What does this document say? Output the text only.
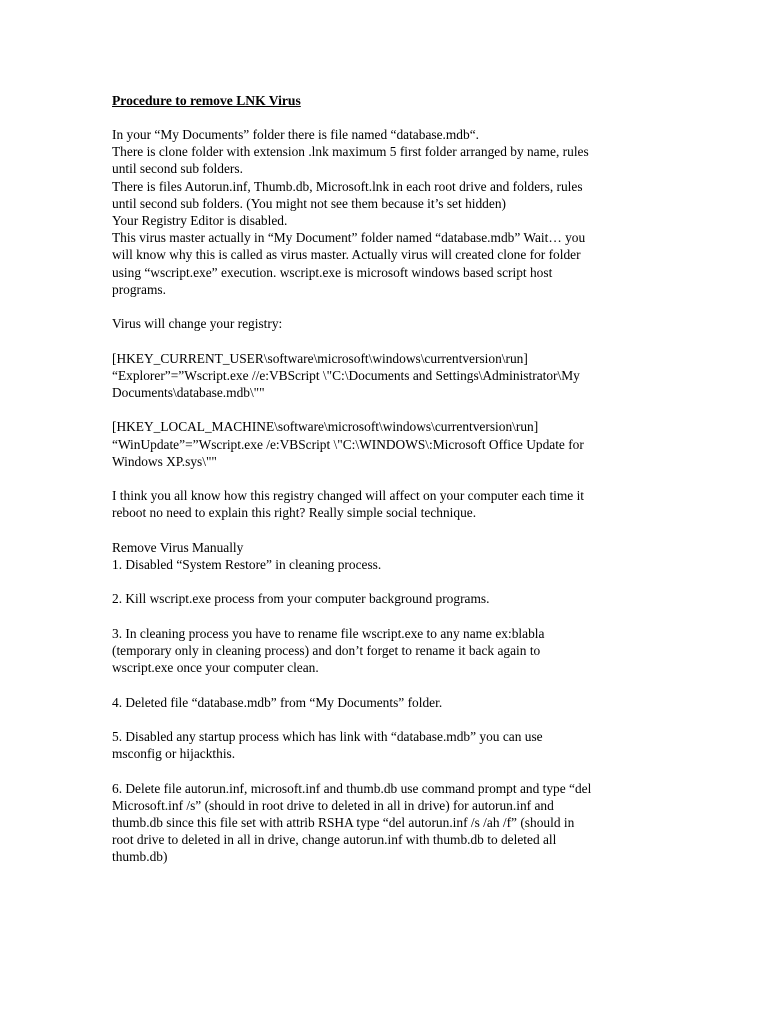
Procedure to remove LNK Virus

In your “My Documents” folder there is file named “database.mdb“.
There is clone folder with extension .lnk maximum 5 first folder arranged by name, rules
until second sub folders.
There is files Autorun.inf, Thumb.db, Microsoft.lnk in each root drive and folders, rules
until second sub folders. (You might not see them because it’s set hidden)
Your Registry Editor is disabled.
This virus master actually in “My Document” folder named “database.mdb” Wait… you
will know why this is called as virus master. Actually virus will created clone for folder
using “wscript.exe” execution. wscript.exe is microsoft windows based script host
programs.

Virus will change your registry:

[HKEY_CURRENT_USER\software\microsoft\windows\currentversion\run]
“Explorer”=”Wscript.exe //e:VBScript \"C:\Documents and Settings\Administrator\My
Documents\database.mdb\""

[HKEY_LOCAL_MACHINE\software\microsoft\windows\currentversion\run]
“WinUpdate”=”Wscript.exe /e:VBScript \"C:\WINDOWS\:Microsoft Office Update for
Windows XP.sys\""

I think you all know how this registry changed will affect on your computer each time it
reboot no need to explain this right? Really simple social technique.

Remove Virus Manually

1. Disabled “System Restore” in cleaning process.

2. Kill wscript.exe process from your computer background programs.

3. In cleaning process you have to rename file wscript.exe to any name ex:blabla
(temporary only in cleaning process) and don’t forget to rename it back again to
wscript.exe once your computer clean.

4. Deleted file “database.mdb” from “My Documents” folder.

5. Disabled any startup process which has link with “database.mdb” you can use
msconfig or hijackthis.

6. Delete file autorun.inf, microsoft.inf and thumb.db use command prompt and type “del
Microsoft.inf /s” (should in root drive to deleted in all in drive) for autorun.inf and
thumb.db since this file set with attrib RSHA type “del autorun.inf /s /ah /f” (should in
root drive to deleted in all in drive, change autorun.inf with thumb.db to deleted all
thumb.db)
